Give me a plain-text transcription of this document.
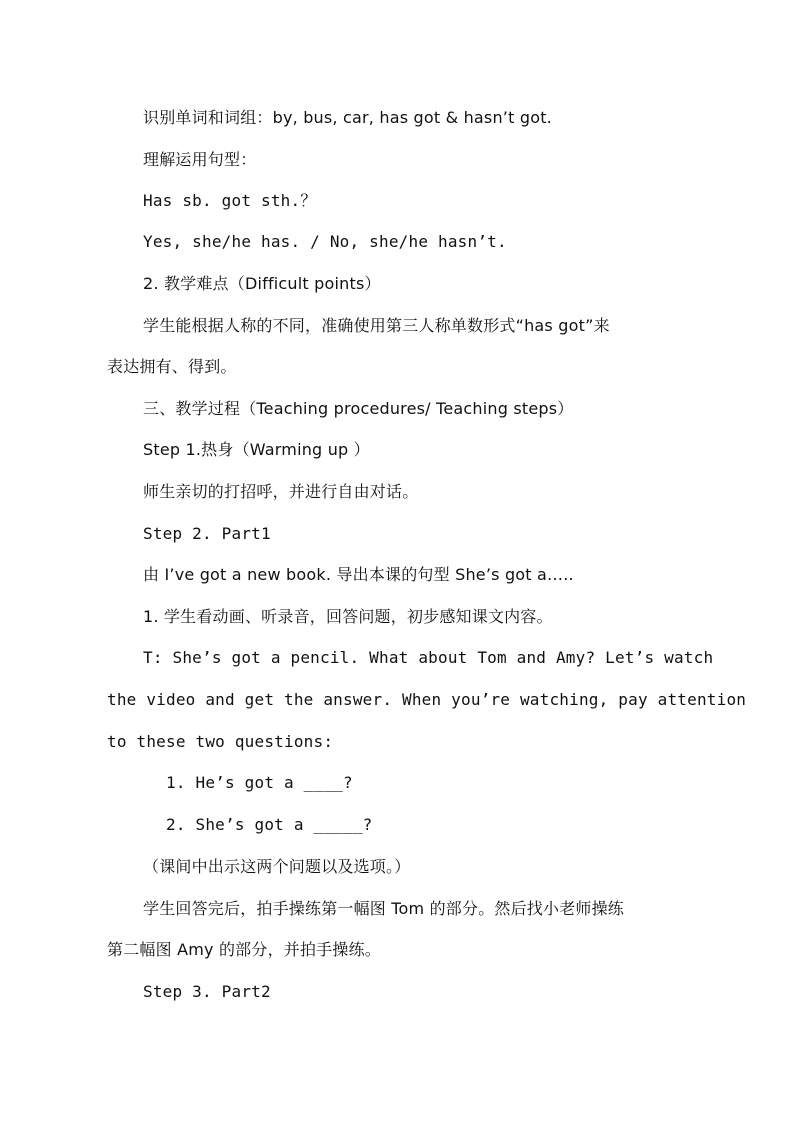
识别单词和词组：by, bus, car, has got & hasn’t got.
理解运用句型：
Has sb. got sth.？
Yes, she/he has. / No, she/he hasn’t.
2. 教学难点（Difficult points）
学生能根据人称的不同，准确使用第三人称单数形式“has got”来
表达拥有、得到。
三、教学过程（Teaching procedures/ Teaching steps）
Step 1.热身（Warming up ）
师生亲切的打招呼，并进行自由对话。
Step 2. Part1
由 I’ve got a new book. 导出本课的句型 She’s got a…..
1. 学生看动画、听录音，回答问题，初步感知课文内容。
T: She’s got a pencil. What about Tom and Amy? Let’s watch
the video and get the answer. When you’re watching, pay attention
to these two questions:
1. He’s got a ____?
2. She’s got a _____?
（课间中出示这两个问题以及选项。）
学生回答完后，拍手操练第一幅图 Tom 的部分。然后找小老师操练
第二幅图 Amy 的部分，并拍手操练。
Step 3. Part2
